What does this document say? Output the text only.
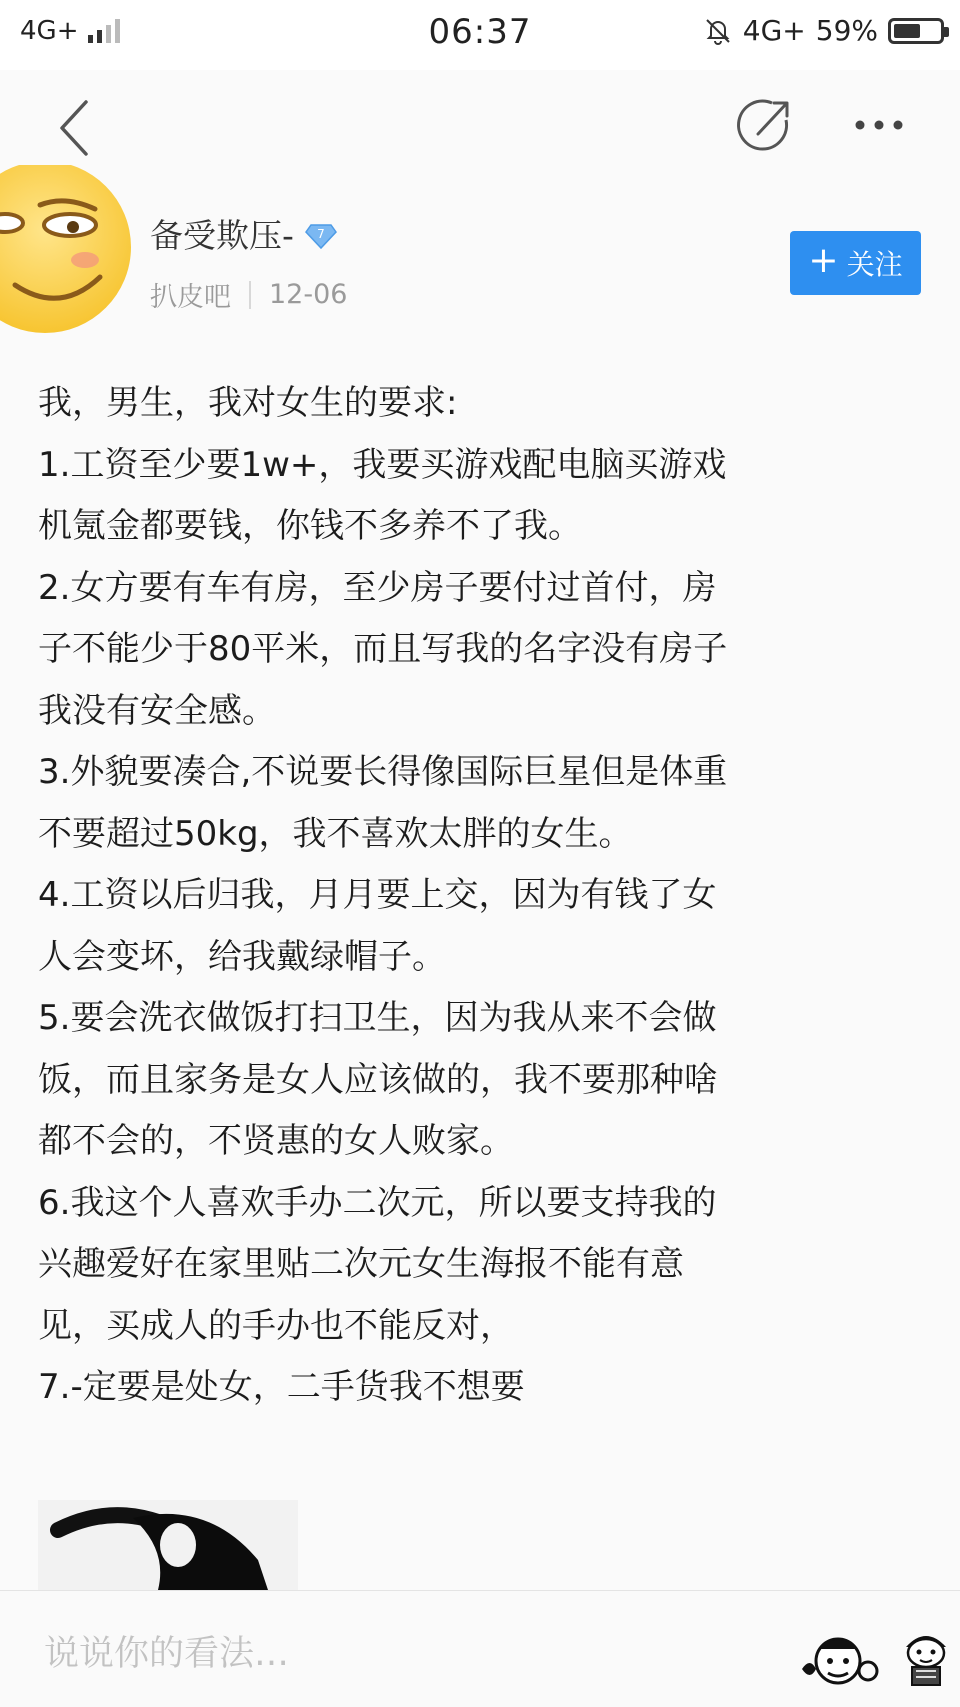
4G+	06:37	4G+ 59%
备受欺压- 7
扒皮吧 12-06
+ 关注

我，男生，我对女生的要求:

1.工资至少要1w+，我要买游戏配电脑买游戏

机氪金都要钱，你钱不多养不了我。

2.女方要有车有房，至少房子要付过首付，房

子不能少于80平米，而且写我的名字没有房子

我没有安全感。

3.外貌要凑合,不说要长得像国际巨星但是体重

不要超过50kg，我不喜欢太胖的女生。

4.工资以后归我，月月要上交，因为有钱了女

人会变坏，给我戴绿帽子。

5.要会洗衣做饭打扫卫生，因为我从来不会做

饭，而且家务是女人应该做的，我不要那种啥

都不会的，不贤惠的女人败家。

6.我这个人喜欢手办二次元，所以要支持我的

兴趣爱好在家里贴二次元女生海报不能有意

见，买成人的手办也不能反对，

7.-定要是处女，二手货我不想要

说说你的看法…
